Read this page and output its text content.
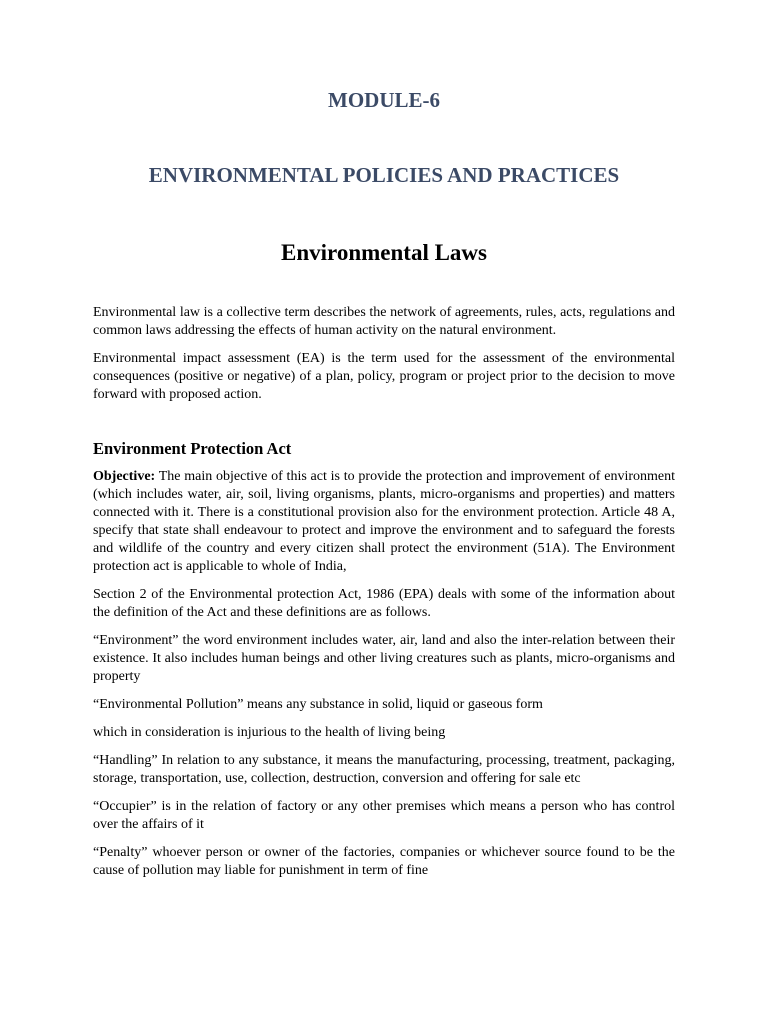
MODULE-6
ENVIRONMENTAL POLICIES AND PRACTICES
Environmental Laws

Environmental law is a collective term describes the network of agreements, rules, acts, regulations and common laws addressing the effects of human activity on the natural environment.

Environmental impact assessment (EA) is the term used for the assessment of the environmental consequences (positive or negative) of a plan, policy, program or project prior to the decision to move forward with proposed action.

Environment Protection Act

Objective: The main objective of this act is to provide the protection and improvement of environment (which includes water, air, soil, living organisms, plants, micro-organisms and properties) and matters connected with it. There is a constitutional provision also for the environment protection. Article 48 A, specify that state shall endeavour to protect and improve the environment and to safeguard the forests and wildlife of the country and every citizen shall protect the environment (51A). The Environment protection act is applicable to whole of India,

Section 2 of the Environmental protection Act, 1986 (EPA) deals with some of the information about the definition of the Act and these definitions are as follows.

“Environment” the word environment includes water, air, land and also the inter-relation between their existence. It also includes human beings and other living creatures such as plants, micro-organisms and property

“Environmental Pollution” means any substance in solid, liquid or gaseous form

which in consideration is injurious to the health of living being

“Handling” In relation to any substance, it means the manufacturing, processing, treatment, packaging, storage, transportation, use, collection, destruction, conversion and offering for sale etc

“Occupier” is in the relation of factory or any other premises which means a person who has control over the affairs of it

“Penalty” whoever person or owner of the factories, companies or whichever source found to be the cause of pollution may liable for punishment in term of fine
